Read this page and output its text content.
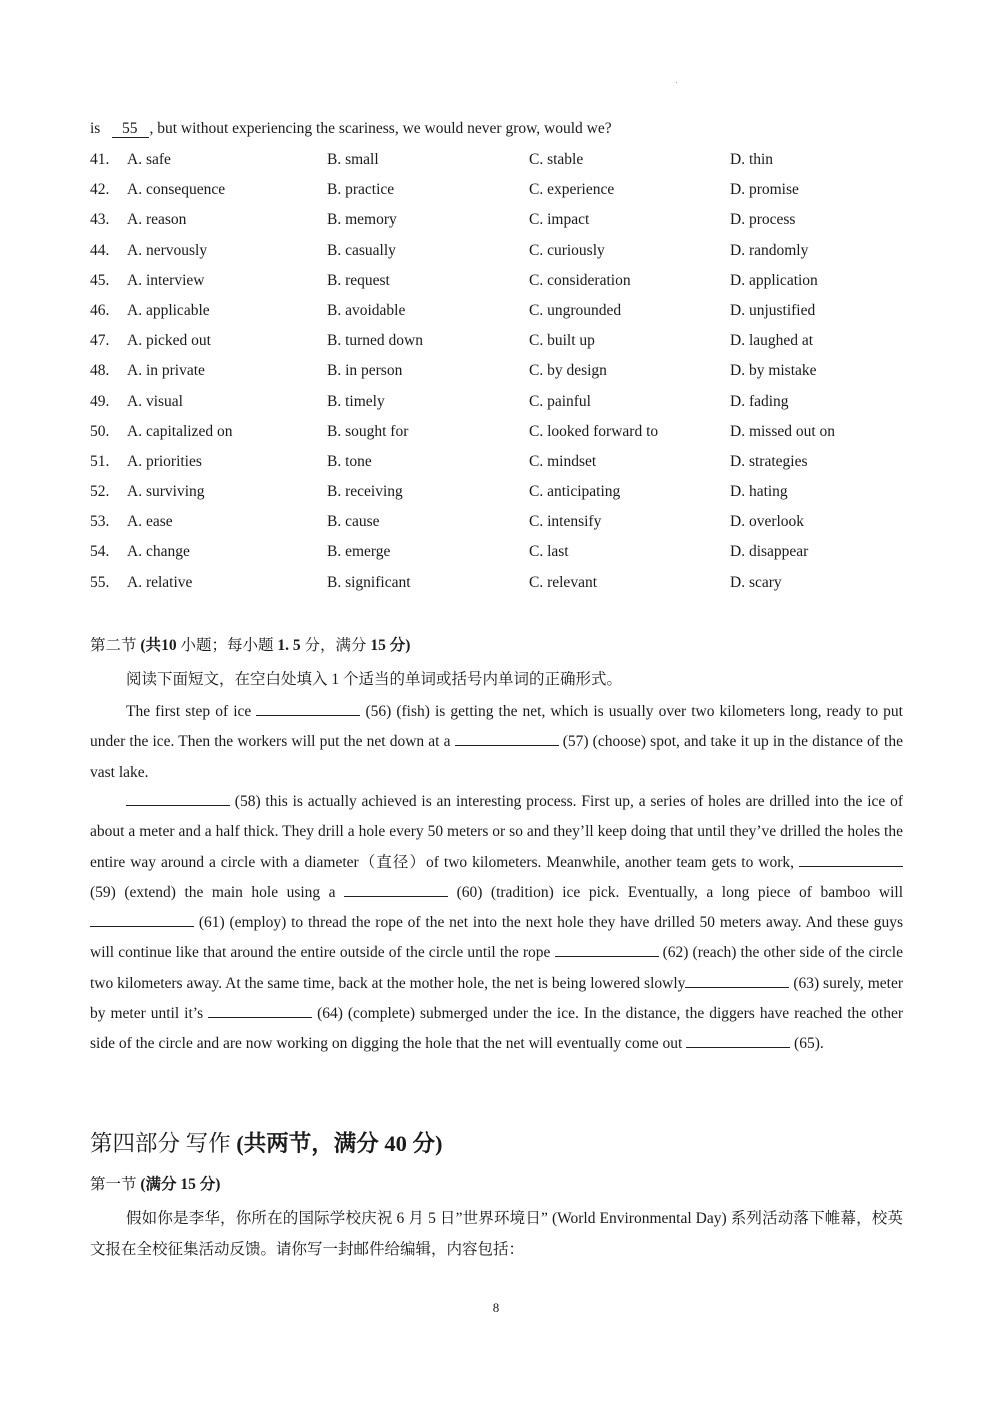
is 55 , but without experiencing the scariness, we would never grow, would we?
41. A. safe	B. small	C. stable	D. thin
42. A. consequence	B. practice	C. experience	D. promise
43. A. reason	B. memory	C. impact	D. process
44. A. nervously	B. casually	C. curiously	D. randomly
45. A. interview	B. request	C. consideration	D. application
46. A. applicable	B. avoidable	C. ungrounded	D. unjustified
47. A. picked out	B. turned down	C. built up	D. laughed at
48. A. in private	B. in person	C. by design	D. by mistake
49. A. visual	B. timely	C. painful	D. fading
50. A. capitalized on	B. sought for	C. looked forward to	D. missed out on
51. A. priorities	B. tone	C. mindset	D. strategies
52. A. surviving	B. receiving	C. anticipating	D. hating
53. A. ease	B. cause	C. intensify	D. overlook
54. A. change	B. emerge	C. last	D. disappear
55. A. relative	B. significant	C. relevant	D. scary
第二节 (共10 小题；每小题 1. 5 分，满分 15 分)
阅读下面短文，在空白处填入 1 个适当的单词或括号内单词的正确形式。

The first step of ice	(56) (fish) is getting the net, which is usually over two kilometers long, ready to put under the ice. Then the workers will put the net down at a	(57) (choose) spot, and take it up in the distance of the vast lake.

(58) this is actually achieved is an interesting process. First up, a series of holes are drilled into the ice of about a meter and a half thick. They drill a hole every 50 meters or so and they’ll keep doing that until they’ve drilled the holes the entire way around a circle with a diameter（直径）of two kilometers. Meanwhile, another team gets to work,  (59) (extend) the main hole using a	(60) (tradition) ice pick. Eventually, a long piece of bamboo will  (61) (employ) to thread the rope of the net into the next hole they have drilled 50 meters away. And these guys will continue like that around the entire outside of the circle until the rope	(62) (reach) the other side of the circle two kilometers away. At the same time, back at the mother hole, the net is being lowered slowly	(63) surely, meter by meter until it’s	(64) (complete) submerged under the ice. In the distance, the diggers have reached the other side of the circle and are now working on digging the hole that the net will eventually come out	(65).

第四部分 写作 (共两节，满分 40 分)
第一节 (满分 15 分)

假如你是李华，你所在的国际学校庆祝 6 月 5 日”世界环境日” (World Environmental Day) 系列活动落下帷幕，校英文报在全校征集活动反馈。请你写一封邮件给编辑，内容包括：

8
